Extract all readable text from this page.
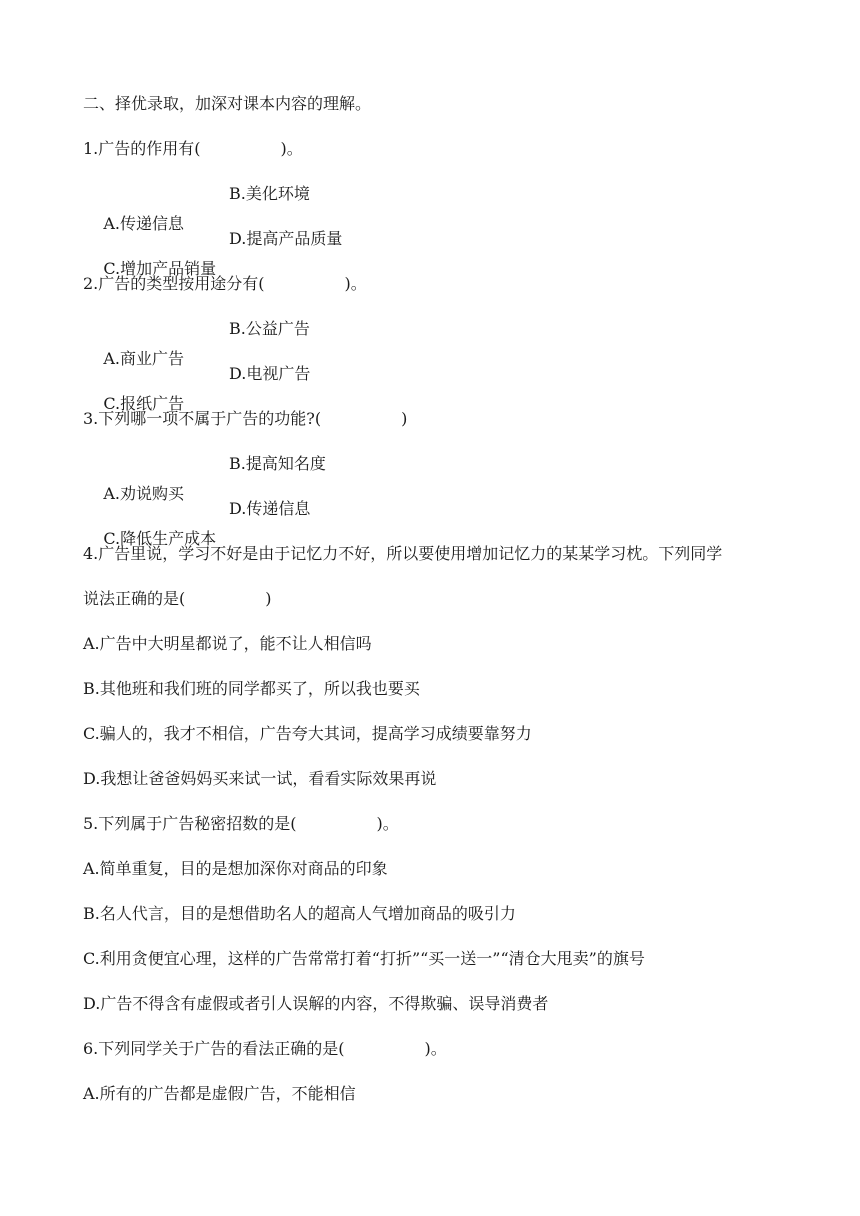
二、择优录取，加深对课本内容的理解。
1.广告的作用有(　　　　　)。

A.传递信息

B.美化环境

C.增加产品销量

D.提高产品质量

2.广告的类型按用途分有(　　　　　)。

A.商业广告

B.公益广告

C.报纸广告

D.电视广告

3.下列哪一项不属于广告的功能?(　　　　　)

A.劝说购买

B.提高知名度

C.降低生产成本

D.传递信息

4.广告里说，学习不好是由于记忆力不好，所以要使用增加记忆力的某某学习枕。下列同学
说法正确的是(　　　　　)
A.广告中大明星都说了，能不让人相信吗
B.其他班和我们班的同学都买了，所以我也要买
C.骗人的，我才不相信，广告夸大其词，提高学习成绩要靠努力
D.我想让爸爸妈妈买来试一试，看看实际效果再说
5.下列属于广告秘密招数的是(　　　　　)。
A.简单重复，目的是想加深你对商品的印象
B.名人代言，目的是想借助名人的超高人气增加商品的吸引力
C.利用贪便宜心理，这样的广告常常打着“打折”“买一送一”“清仓大甩卖”的旗号
D.广告不得含有虚假或者引人误解的内容，不得欺骗、误导消费者
6.下列同学关于广告的看法正确的是(　　　　　)。
A.所有的广告都是虚假广告，不能相信
